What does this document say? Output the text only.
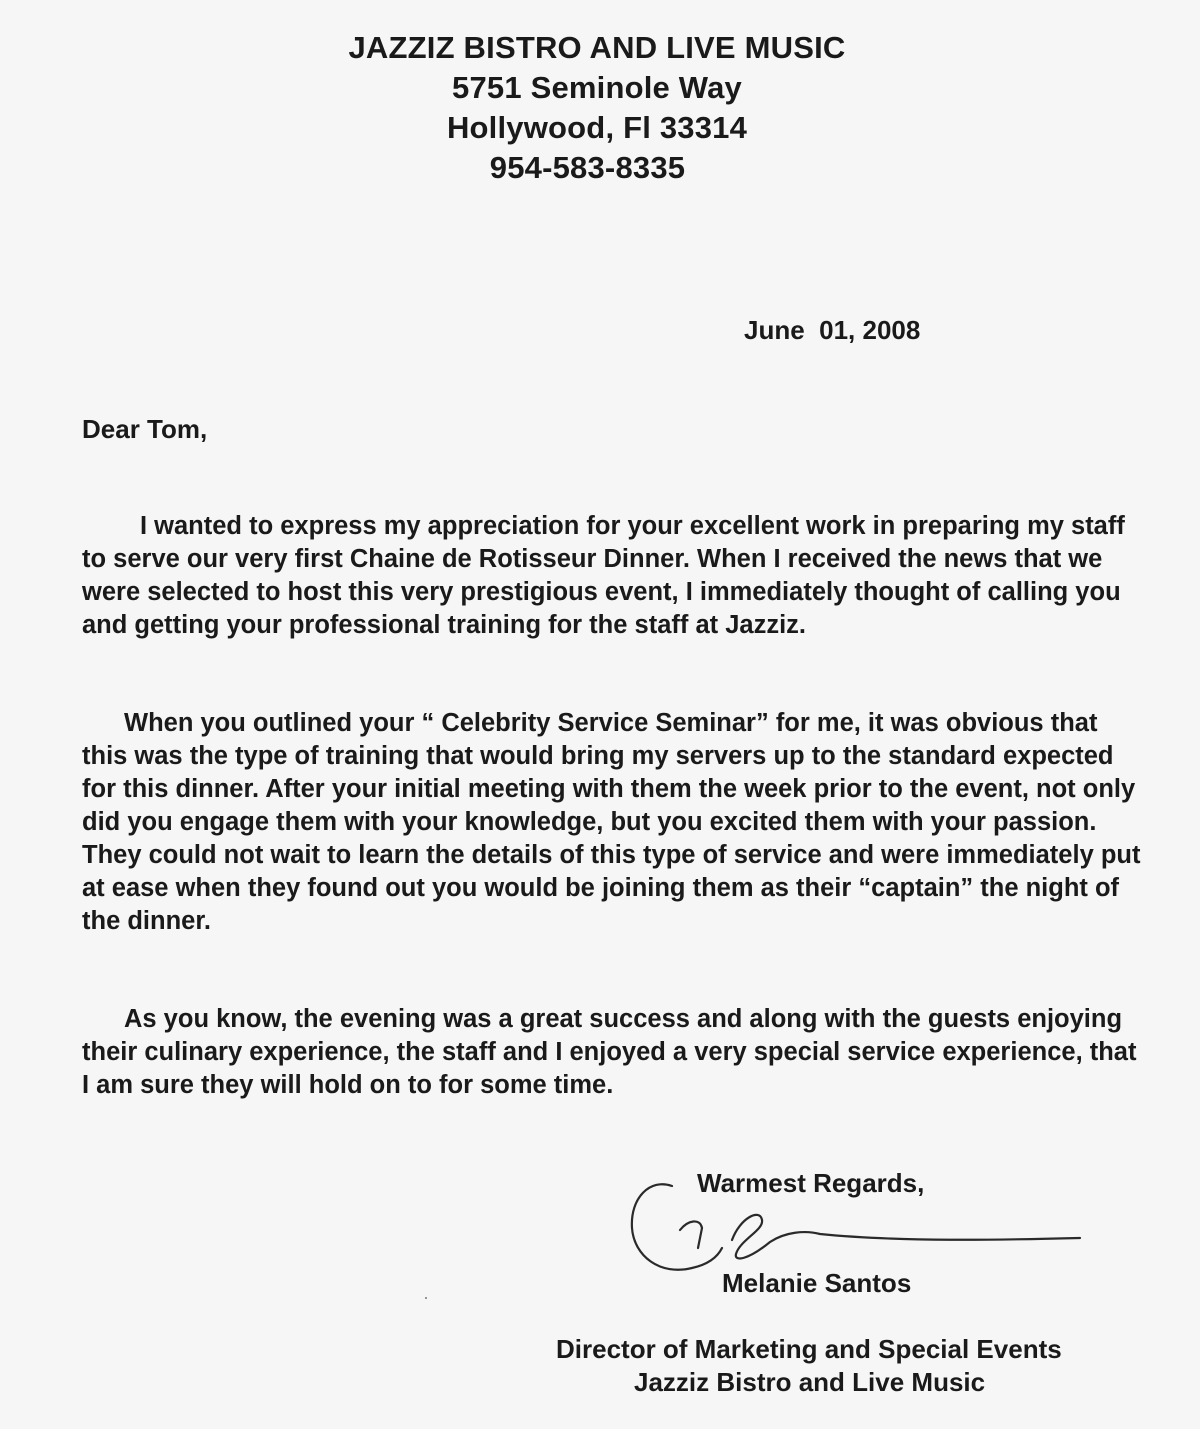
JAZZIZ BISTRO AND LIVE MUSIC
5751 Seminole Way
Hollywood, Fl 33314
954-583-8335
June  01, 2008
Dear Tom,

I wanted to express my appreciation for your excellent work in preparing my staff to serve our very first Chaine de Rotisseur Dinner. When I received the news that we were selected to host this very prestigious event, I immediately thought of calling you and getting your professional training for the staff at Jazziz.

When you outlined your “ Celebrity Service Seminar” for me, it was obvious that this was the type of training that would bring my servers up to the standard expected for this dinner. After your initial meeting with them the week prior to the event, not only did you engage them with your knowledge, but you excited them with your passion. They could not wait to learn the details of this type of service and were immediately put at ease when they found out you would be joining them as their “captain” the night of the dinner.

As you know, the evening was a great success and along with the guests enjoying their culinary experience, the staff and I enjoyed a very special service experience, that I am sure they will hold on to for some time.

Warmest Regards,
Melanie Santos
Director of Marketing and Special Events
Jazziz Bistro and Live Music
